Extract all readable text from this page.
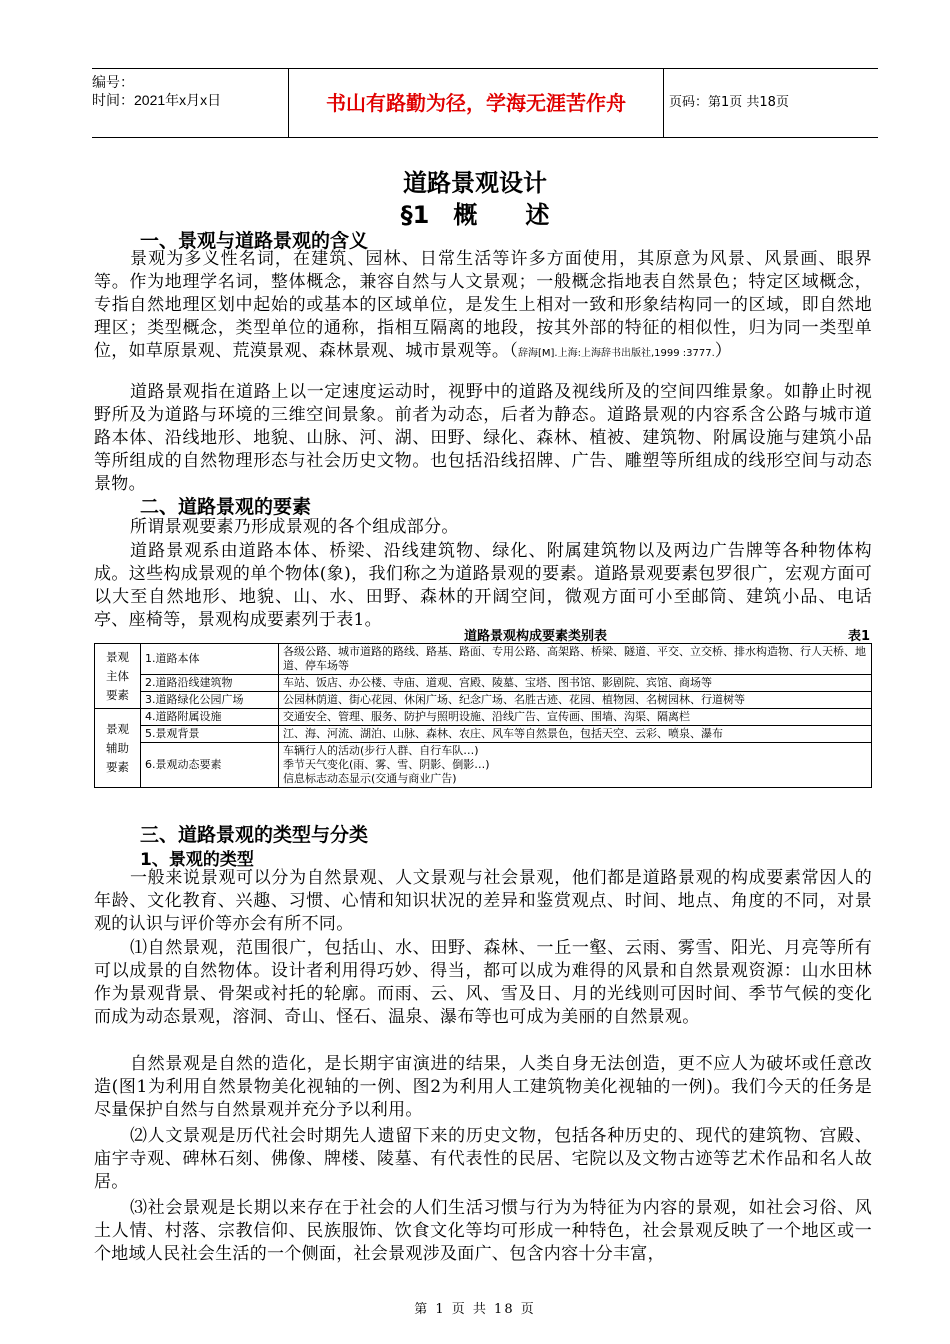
编号：
时间：2021年x月x日	书山有路勤为径，学海无涯苦作舟	页码：第1页 共18页
道路景观设计
§1　概　　述
一、景观与道路景观的含义

景观为多义性名词，在建筑、园林、日常生活等许多方面使用，其原意为风景、风景画、眼界等。作为地理学名词，整体概念，兼容自然与人文景观；一般概念指地表自然景色；特定区域概念，专指自然地理区划中起始的或基本的区域单位，是发生上相对一致和形象结构同一的区域，即自然地理区；类型概念，类型单位的通称，指相互隔离的地段，按其外部的特征的相似性，归为同一类型单位，如草原景观、荒漠景观、森林景观、城市景观等。（辞海[M].上海:上海辞书出版社,1999 :3777.）

道路景观指在道路上以一定速度运动时，视野中的道路及视线所及的空间四维景象。如静止时视野所及为道路与环境的三维空间景象。前者为动态，后者为静态。道路景观的内容系含公路与城市道路本体、沿线地形、地貌、山脉、河、湖、田野、绿化、森林、植被、建筑物、附属设施与建筑小品等所组成的自然物理形态与社会历史文物。也包括沿线招牌、广告、雕塑等所组成的线形空间与动态景物。

二、道路景观的要素

所谓景观要素乃形成景观的各个组成部分。

道路景观系由道路本体、桥梁、沿线建筑物、绿化、附属建筑物以及两边广告牌等各种物体构成。这些构成景观的单个物体(象)，我们称之为道路景观的要素。道路景观要素包罗很广，宏观方面可以大至自然地形、地貌、山、水、田野、森林的开阔空间，微观方面可小至邮筒、建筑小品、电话亭、座椅等，景观构成要素列于表1。

道路景观构成要素类别表	表1
景观
主体
要素	1.道路本体	各级公路、城市道路的路线、路基、路面、专用公路、高架路、桥梁、隧道、平交、立交桥、排水构造物、行人天桥、地道、停车场等
	2.道路沿线建筑物	车站、饭店、办公楼、寺庙、道观、宫殿、陵墓、宝塔、图书馆、影剧院、宾馆、商场等
	3.道路绿化公园广场	公园林荫道、街心花园、休闲广场、纪念广场、名胜古迹、花园、植物园、名树园林、行道树等

景观
辅助
要素	4.道路附属设施	交通安全、管理、服务、防护与照明设施、沿线广告、宣传画、围墙、沟渠、隔离栏
	5.景观背景	江、海、河流、湖泊、山脉、森林、农庄、风车等自然景色，包括天空、云彩、喷泉、瀑布
	6.景观动态要素	车辆行人的活动(步行人群、自行车队…)
季节天气变化(雨、雾、雪、阴影、倒影…)
信息标志动态显示(交通与商业广告)
三、道路景观的类型与分类
1、景观的类型

一般来说景观可以分为自然景观、人文景观与社会景观，他们都是道路景观的构成要素常因人的年龄、文化教育、兴趣、习惯、心情和知识状况的差异和鉴赏观点、时间、地点、角度的不同，对景观的认识与评价等亦会有所不同。

⑴自然景观，范围很广，包括山、水、田野、森林、一丘一壑、云雨、雾雪、阳光、月亮等所有可以成景的自然物体。设计者利用得巧妙、得当，都可以成为难得的风景和自然景观资源：山水田林作为景观背景、骨架或衬托的轮廓。而雨、云、风、雪及日、月的光线则可因时间、季节气候的变化而成为动态景观，溶洞、奇山、怪石、温泉、瀑布等也可成为美丽的自然景观。

自然景观是自然的造化，是长期宇宙演进的结果，人类自身无法创造，更不应人为破坏或任意改造(图1为利用自然景物美化视轴的一例、图2为利用人工建筑物美化视轴的一例)。我们今天的任务是尽量保护自然与自然景观并充分予以利用。

⑵人文景观是历代社会时期先人遗留下来的历史文物，包括各种历史的、现代的建筑物、宫殿、庙宇寺观、碑林石刻、佛像、牌楼、陵墓、有代表性的民居、宅院以及文物古迹等艺术作品和名人故居。

⑶社会景观是长期以来存在于社会的人们生活习惯与行为为特征为内容的景观，如社会习俗、风土人情、村落、宗教信仰、民族服饰、饮食文化等均可形成一种特色，社会景观反映了一个地区或一个地域人民社会生活的一个侧面，社会景观涉及面广、包含内容十分丰富，

第 1 页 共 18 页
